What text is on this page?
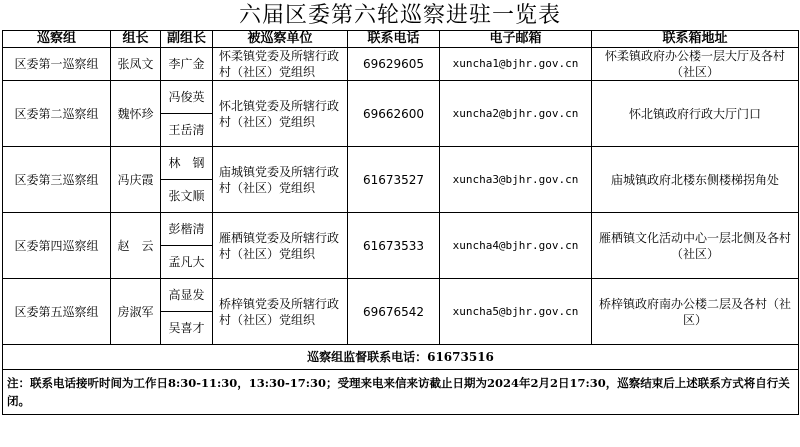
六届区委第六轮巡察进驻一览表
巡察组	组长	副组长	被巡察单位	联系电话	电子邮箱	联系箱地址
区委第一巡察组	张凤文	李广金	怀柔镇党委及所辖行政村（社区）党组织	69629605	xuncha1@bjhr.gov.cn	怀柔镇政府办公楼一层大厅及各村（社区）

区委第二巡察组	魏怀珍	冯俊英	怀北镇党委及所辖行政村（社区）党组织	69662600	xuncha2@bjhr.gov.cn	怀北镇政府行政大厅门口
		王岳清				
区委第三巡察组	冯庆霞	林　钢	庙城镇党委及所辖行政村（社区）党组织	61673527	xuncha3@bjhr.gov.cn	庙城镇政府北楼东侧楼梯拐角处
		张文顺				
区委第四巡察组	赵　云	彭楷清	雁栖镇党委及所辖行政村（社区）党组织	61673533	xuncha4@bjhr.gov.cn	雁栖镇文化活动中心一层北侧及各村（社区）
		孟凡大				
区委第五巡察组	房淑军	高显发	桥梓镇党委及所辖行政村（社区）党组织	69676542	xuncha5@bjhr.gov.cn	桥梓镇政府南办公楼二层及各村（社区）
		吴喜才				
巡察组监督联系电话：61673516						
注：联系电话接听时间为工作日8:30-11:30，13:30-17:30；受理来电来信来访截止日期为2024年2月2日17:30，巡察结束后上述联系方式将自行关闭。						
